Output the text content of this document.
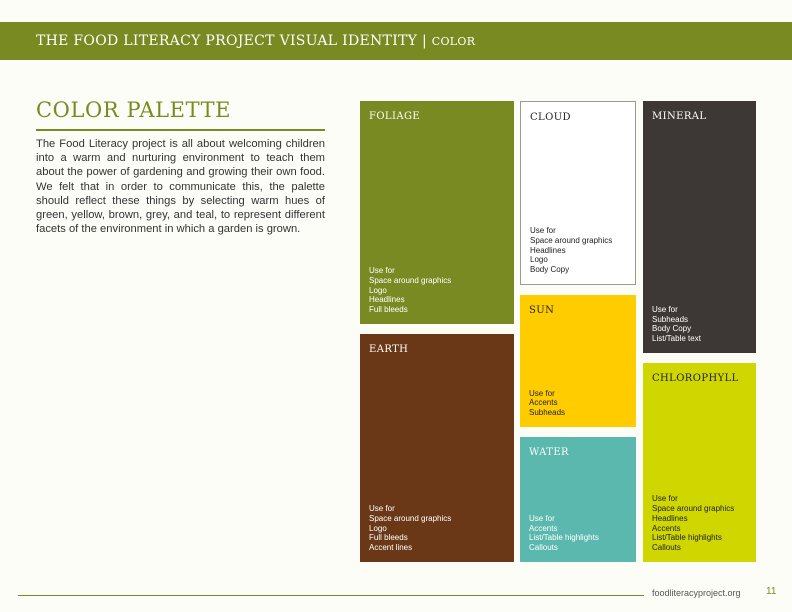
THE FOOD LITERACY PROJECT VISUAL IDENTITY | COLOR
COLOR PALETTE
The Food Literacy project is all about welcoming children into a warm and nurturing environment to teach them about the power of gardening and growing their own food. We felt that in order to communicate this, the palette should reflect these things by selecting warm hues of green, yellow, brown, grey, and teal, to represent different facets of the environment in which a garden is grown.
FOLIAGE
Use for
Space around graphics
Logo
Headlines
Full bleeds
EARTH
Use for
Space around graphics
Logo
Full bleeds
Accent lines
CLOUD
Use for
Space around graphics
Headlines
Logo
Body Copy
SUN
Use for
Accents
Subheads
WATER
Use for
Accents
List/Table highlights
Callouts
MINERAL
Use for
Subheads
Body Copy
List/Table text
CHLOROPHYLL
Use for
Space around graphics
Headlines
Accents
List/Table highlights
Callouts
foodliteracyproject.org	11
